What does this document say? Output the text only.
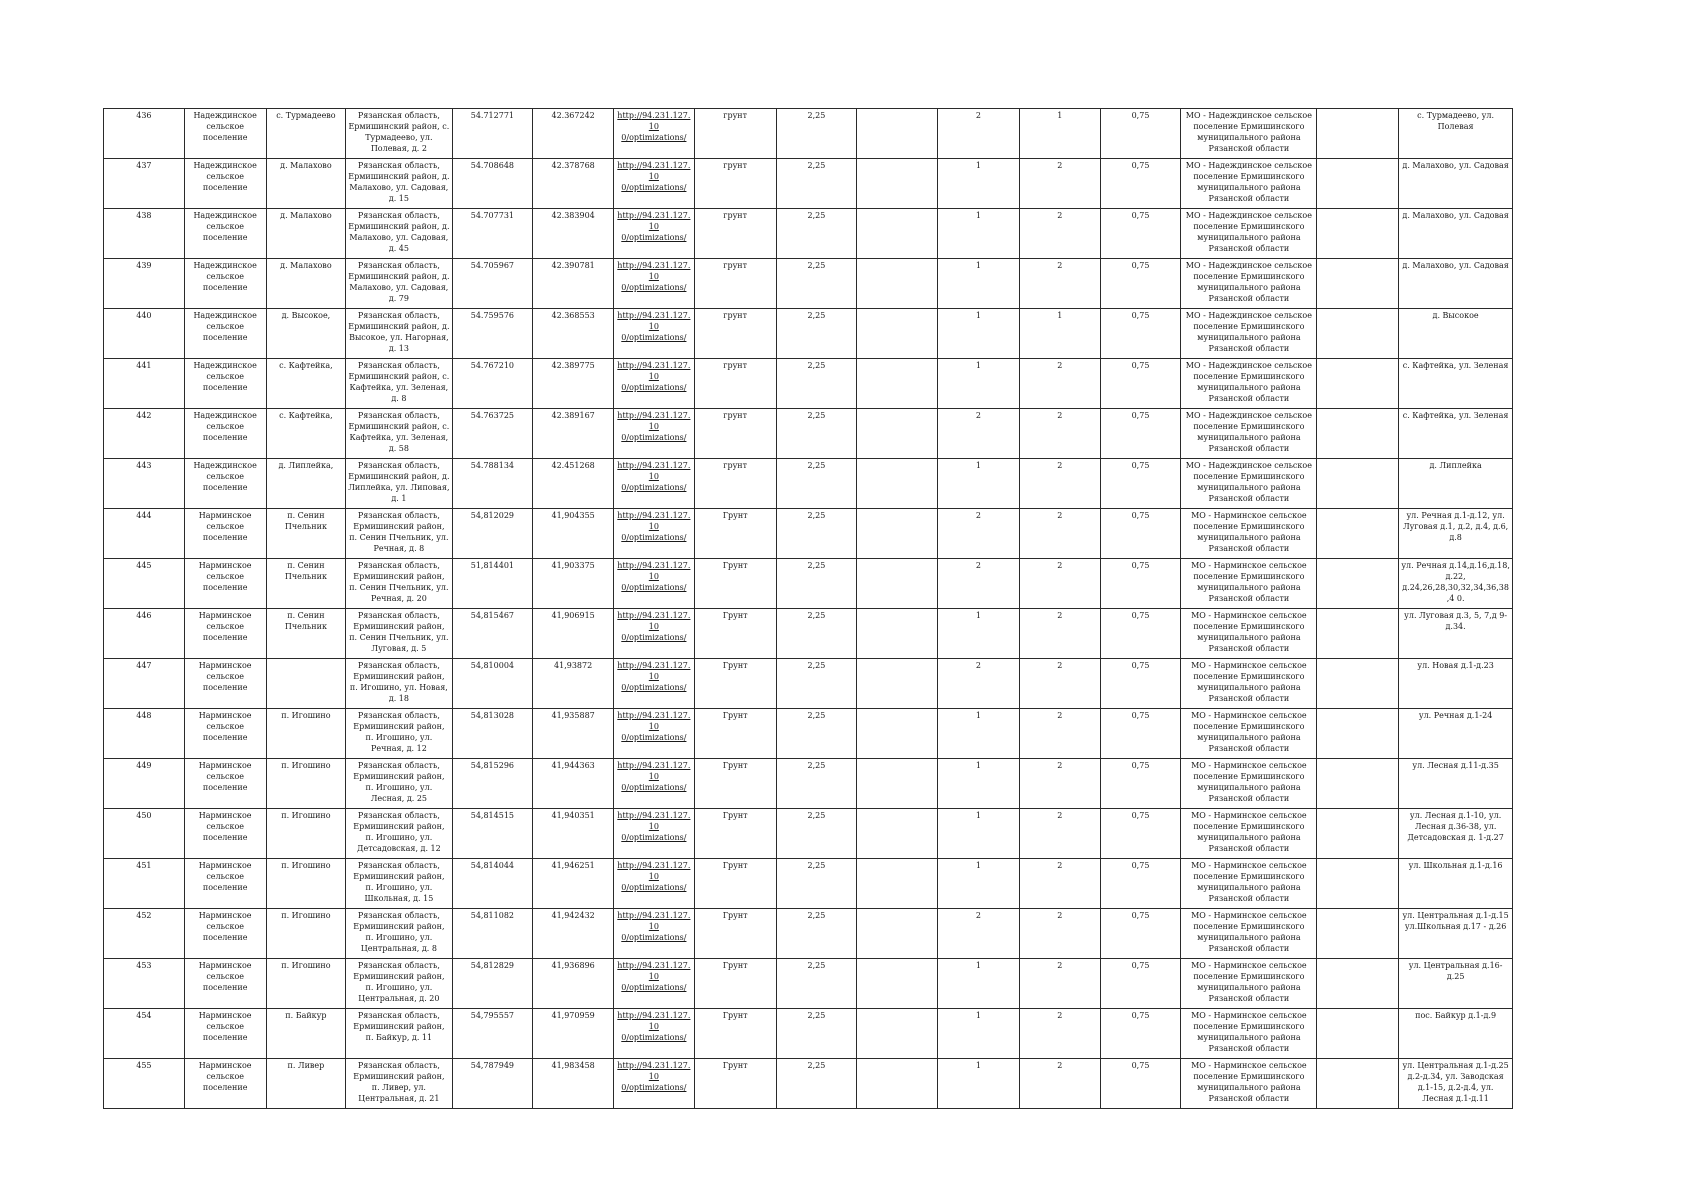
436	Надеждинское сельское поселение	с. Турмадеево	Рязанская область, Ермишинский район, с. Турмадеево, ул. Полевая, д. 2	54.712771	42.367242	http://94.231.127.10 0/optimizations/	грунт	2,25		2	1	0,75	МО - Надеждинское сельское поселение Ермишинского муниципального района Рязанской области		с. Турмадеево, ул. Полевая
437	Надеждинское сельское поселение	д. Малахово	Рязанская область, Ермишинский район, д. Малахово, ул. Садовая, д. 15	54.708648	42.378768	http://94.231.127.10 0/optimizations/	грунт	2,25		1	2	0,75	МО - Надеждинское сельское поселение Ермишинского муниципального района Рязанской области		д. Малахово, ул. Садовая
438	Надеждинское сельское поселение	д. Малахово	Рязанская область, Ермишинский район, д. Малахово, ул. Садовая, д. 45	54.707731	42.383904	http://94.231.127.10 0/optimizations/	грунт	2,25		1	2	0,75	МО - Надеждинское сельское поселение Ермишинского муниципального района Рязанской области		д. Малахово, ул. Садовая
439	Надеждинское сельское поселение	д. Малахово	Рязанская область, Ермишинский район, д. Малахово, ул. Садовая, д. 79	54.705967	42.390781	http://94.231.127.10 0/optimizations/	грунт	2,25		1	2	0,75	МО - Надеждинское сельское поселение Ермишинского муниципального района Рязанской области		д. Малахово, ул. Садовая
440	Надеждинское сельское поселение	д. Высокое,	Рязанская область, Ермишинский район, д. Высокое, ул. Нагорная, д. 13	54.759576	42.368553	http://94.231.127.10 0/optimizations/	грунт	2,25		1	1	0,75	МО - Надеждинское сельское поселение Ермишинского муниципального района Рязанской области		д. Высокое
441	Надеждинское сельское поселение	с. Кафтейка,	Рязанская область, Ермишинский район, с. Кафтейка, ул. Зеленая, д. 8	54.767210	42.389775	http://94.231.127.10 0/optimizations/	грунт	2,25		1	2	0,75	МО - Надеждинское сельское поселение Ермишинского муниципального района Рязанской области		с. Кафтейка, ул. Зеленая
442	Надеждинское сельское поселение	с. Кафтейка,	Рязанская область, Ермишинский район, с. Кафтейка, ул. Зеленая, д. 58	54.763725	42.389167	http://94.231.127.10 0/optimizations/	грунт	2,25		2	2	0,75	МО - Надеждинское сельское поселение Ермишинского муниципального района Рязанской области		с. Кафтейка, ул. Зеленая
443	Надеждинское сельское поселение	д. Липлейка,	Рязанская область, Ермишинский район, д. Липлейка, ул. Липовая, д. 1	54.788134	42.451268	http://94.231.127.10 0/optimizations/	грунт	2,25		1	2	0,75	МО - Надеждинское сельское поселение Ермишинского муниципального района Рязанской области		д. Липлейка
444	Нарминское сельское поселение	п. Сенин Пчельник	Рязанская область, Ермишинский район, п. Сенин Пчельник, ул. Речная, д. 8	54,812029	41,904355	http://94.231.127.10 0/optimizations/	Грунт	2,25		2	2	0,75	МО - Нарминское сельское поселение Ермишинского муниципального района Рязанской области		ул. Речная д.1-д.12, ул. Луговая д.1, д.2, д.4, д.6, д.8
445	Нарминское сельское поселение	п. Сенин Пчельник	Рязанская область, Ермишинский район, п. Сенин Пчельник, ул. Речная, д. 20	51,814401	41,903375	http://94.231.127.10 0/optimizations/	Грунт	2,25		2	2	0,75	МО - Нарминское сельское поселение Ермишинского муниципального района Рязанской области		ул. Речная д.14,д.16,д.18, д.22, д.24,26,28,30,32,34,36,38,4 0.
446	Нарминское сельское поселение	п. Сенин Пчельник	Рязанская область, Ермишинский район, п. Сенин Пчельник, ул. Луговая, д. 5	54,815467	41,906915	http://94.231.127.10 0/optimizations/	Грунт	2,25		1	2	0,75	МО - Нарминское сельское поселение Ермишинского муниципального района Рязанской области		ул. Луговая д.3, 5, 7,д 9-д.34.
447	Нарминское сельское поселение		Рязанская область, Ермишинский район, п. Игошино, ул. Новая, д. 18	54,810004	41,93872	http://94.231.127.10 0/optimizations/	Грунт	2,25		2	2	0,75	МО - Нарминское сельское поселение Ермишинского муниципального района Рязанской области		ул. Новая д.1-д.23
448	Нарминское сельское поселение	п. Игошино	Рязанская область, Ермишинский район, п. Игошино, ул. Речная, д. 12	54,813028	41,935887	http://94.231.127.10 0/optimizations/	Грунт	2,25		1	2	0,75	МО - Нарминское сельское поселение Ермишинского муниципального района Рязанской области		ул. Речная д.1-24
449	Нарминское сельское поселение	п. Игошино	Рязанская область, Ермишинский район, п. Игошино, ул. Лесная, д. 25	54,815296	41,944363	http://94.231.127.10 0/optimizations/	Грунт	2,25		1	2	0,75	МО - Нарминское сельское поселение Ермишинского муниципального района Рязанской области		ул. Лесная д.11-д.35
450	Нарминское сельское поселение	п. Игошино	Рязанская область, Ермишинский район, п. Игошино, ул. Детсадовская, д. 12	54,814515	41,940351	http://94.231.127.10 0/optimizations/	Грунт	2,25		1	2	0,75	МО - Нарминское сельское поселение Ермишинского муниципального района Рязанской области		ул. Лесная д.1-10, ул. Лесная д.36-38, ул. Детсадовская д. 1-д.27
451	Нарминское сельское поселение	п. Игошино	Рязанская область, Ермишинский район, п. Игошино, ул. Школьная, д. 15	54,814044	41,946251	http://94.231.127.10 0/optimizations/	Грунт	2,25		1	2	0,75	МО - Нарминское сельское поселение Ермишинского муниципального района Рязанской области		ул. Школьная д.1-д.16
452	Нарминское сельское поселение	п. Игошино	Рязанская область, Ермишинский район, п. Игошино, ул. Центральная, д. 8	54,811082	41,942432	http://94.231.127.10 0/optimizations/	Грунт	2,25		2	2	0,75	МО - Нарминское сельское поселение Ермишинского муниципального района Рязанской области		ул. Центральная д.1-д.15 ул.Школьная д.17 - д.26
453	Нарминское сельское поселение	п. Игошино	Рязанская область, Ермишинский район, п. Игошино, ул. Центральная, д. 20	54,812829	41,936896	http://94.231.127.10 0/optimizations/	Грунт	2,25		1	2	0,75	МО - Нарминское сельское поселение Ермишинского муниципального района Рязанской области		ул. Центральная д.16-д.25
454	Нарминское сельское поселение	п. Байкур	Рязанская область, Ермишинский район, п. Байкур, д. 11	54,795557	41,970959	http://94.231.127.10 0/optimizations/	Грунт	2,25		1	2	0,75	МО - Нарминское сельское поселение Ермишинского муниципального района Рязанской области		пос. Байкур д.1-д.9
455	Нарминское сельское поселение	п. Ливер	Рязанская область, Ермишинский район, п. Ливер, ул. Центральная, д. 21	54,787949	41,983458	http://94.231.127.10 0/optimizations/	Грунт	2,25		1	2	0,75	МО - Нарминское сельское поселение Ермишинского муниципального района Рязанской области		ул. Центральная д.1-д.25 д.2-д.34, ул. Заводская д.1-15, д.2-д.4, ул. Лесная д.1-д.11
